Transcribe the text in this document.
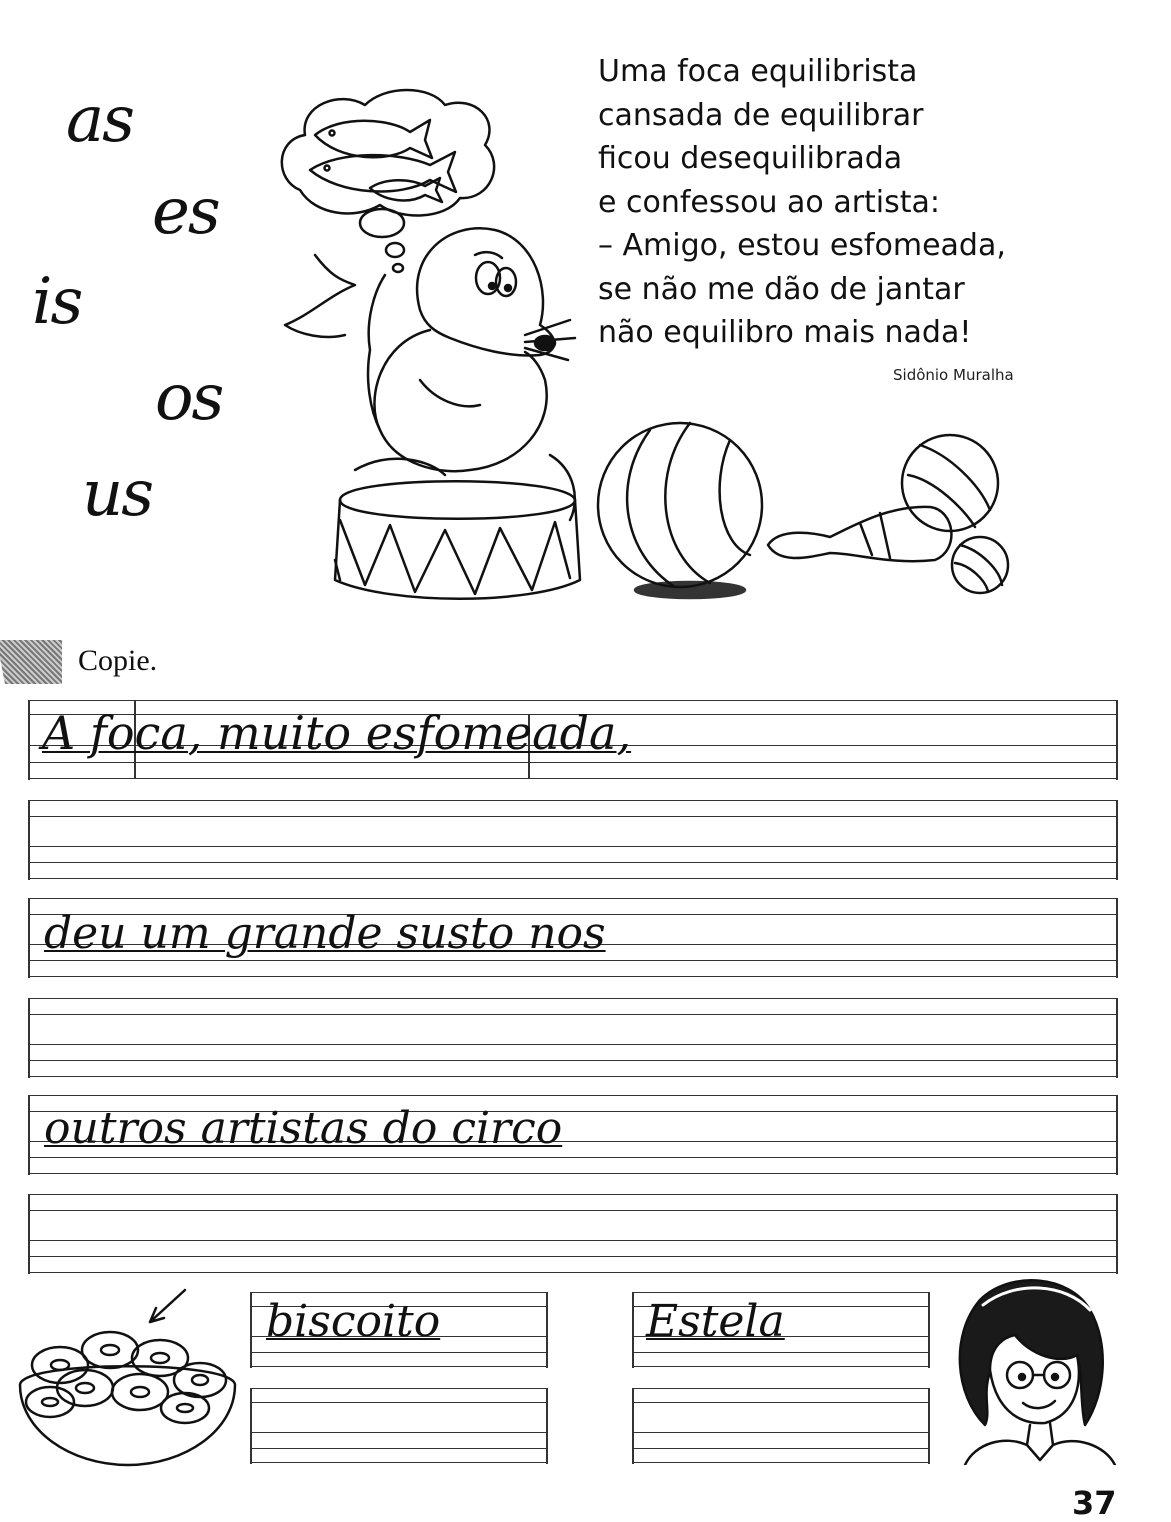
as
es
is
os
us
Uma foca equilibrista
cansada de equilibrar
ficou desequilibrada
e confessou ao artista:
– Amigo, estou esfomeada,
se não me dão de jantar
não equilibro mais nada!
Sidônio Muralha
Copie.
A foca, muito esfomeada,
deu um grande susto nos
outros artistas do circo
biscoito	Estela
37
